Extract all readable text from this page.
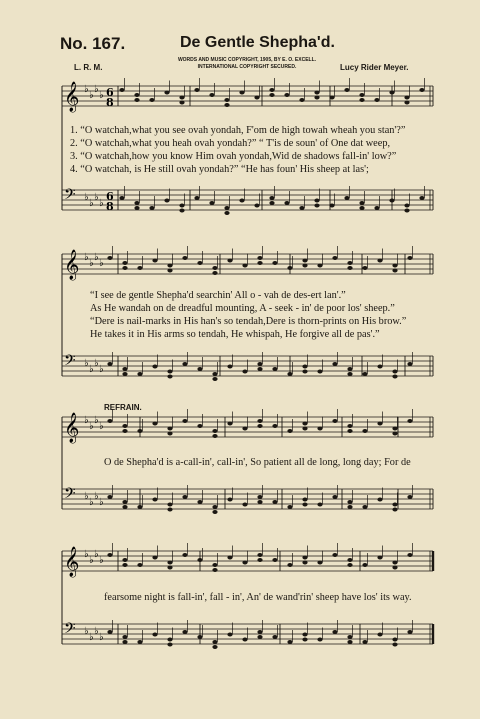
No. 167.	De Gentle Shepha'd.
L. R. M.
WORDS AND MUSIC COPYRIGHT, 1905, BY E. O. EXCELL.
INTERNATIONAL COPYRIGHT SECURED.	Lucy Rider Meyer.
𝄞 ♭
♭
♭
♭ 6
8
𝄢 ♭
♭
♭
♭
6
8
𝄞 ♭
♭
♭
♭
𝄢 ♭
♭
♭
♭
𝄞 ♭
♭
♭
♭
𝄢 ♭
♭
♭
♭
𝄞 ♭
♭
♭
♭
𝄢 ♭
♭
♭
♭
1. “O watchah,what you see ovah yondah, F'om de high towah wheah you stan'?”
2. “O watchah,what you heah ovah yondah?” “ T'is de soun' of One dat weep,
3. “O watchah,how you know Him ovah yondah,Wid de shadows fall-in' low?”
4. “O watchah, is He still ovah yondah?” “He has foun' His sheep at las';
“I see de gentle Shepha'd searchin' All o - vah de des-ert lan'.”
As He wandah on de dreadful mounting, A - seek - in' de poor los' sheep.”
“Dere is nail-marks in His han's so tendah,Dere is thorn-prints on His brow.”
He takes it in His arms so tendah, He whispah, He forgive all de pas'.”
REFRAIN.
O de Shepha'd is a-call-in', call-in', So patient all de long, long day; For de
fearsome night is fall-in', fall - in', An' de wand'rin' sheep have los' its way.
